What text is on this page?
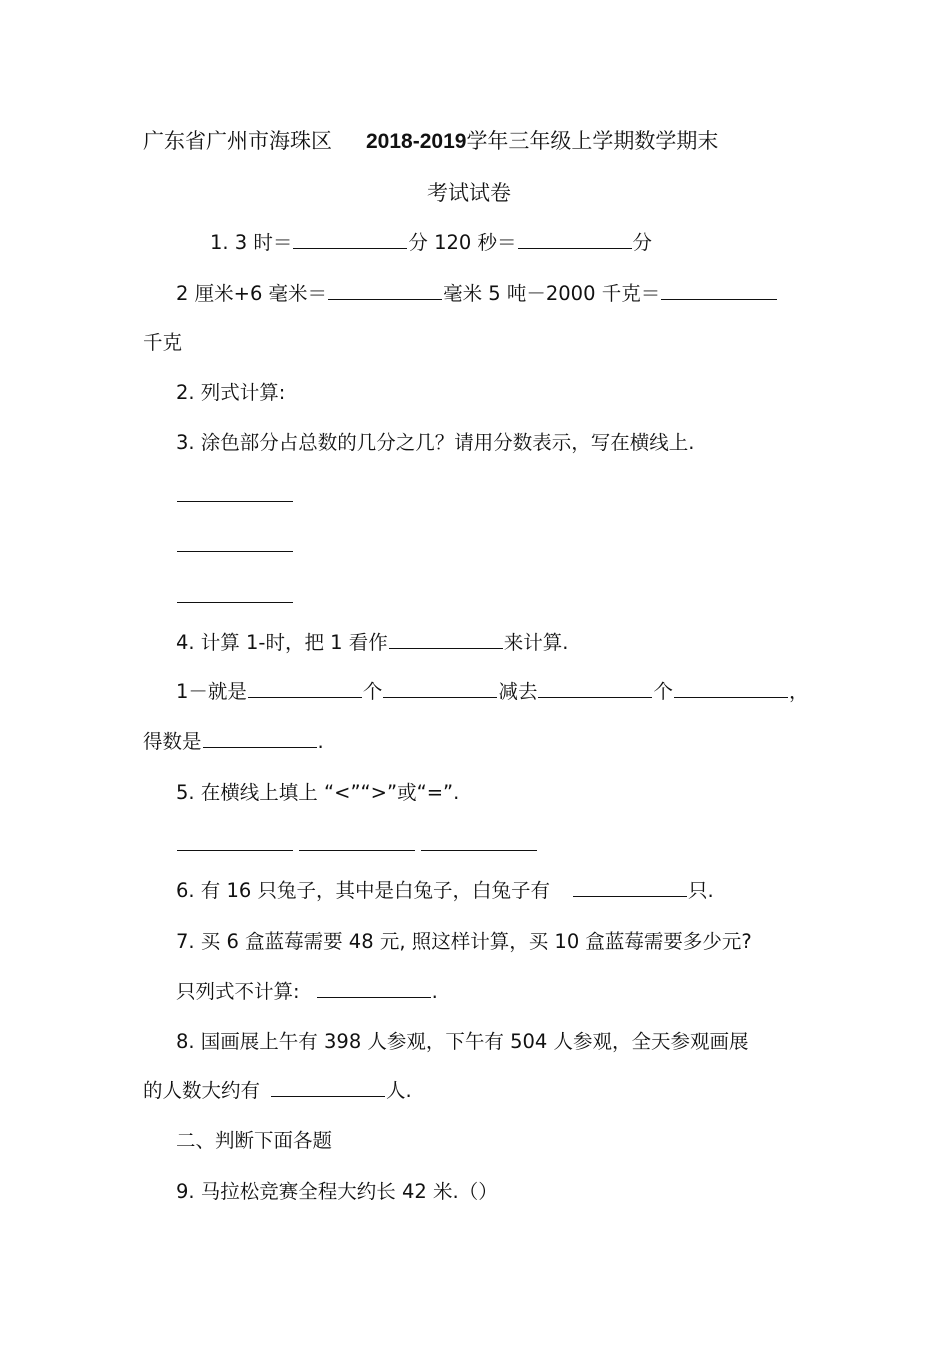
广东省广州市海珠区 2018-2019学年三年级上学期数学期末
考试试卷
1. 3 时＝	分 120 秒＝	分
2 厘米+6 毫米＝	毫米 5 吨－2000 千克＝
千克
2. 列式计算:
3. 涂色部分占总数的几分之几？请用分数表示，写在横线上.
4. 计算 1-时，把 1 看作	来计算.
1－就是	个	减去	个	，
得数是	.
5. 在横线上填上 “<”“>”或“=”.
6. 有 16 只兔子，其中是白兔子，白兔子有	只.
7. 买 6 盒蓝莓需要 48 元, 照这样计算，买 10 盒蓝莓需要多少元?
只列式不计算:	.
8. 国画展上午有 398 人参观，下午有 504 人参观，全天参观画展
的人数大约有	人.
二、判断下面各题
9. 马拉松竞赛全程大约长 42 米.（）
